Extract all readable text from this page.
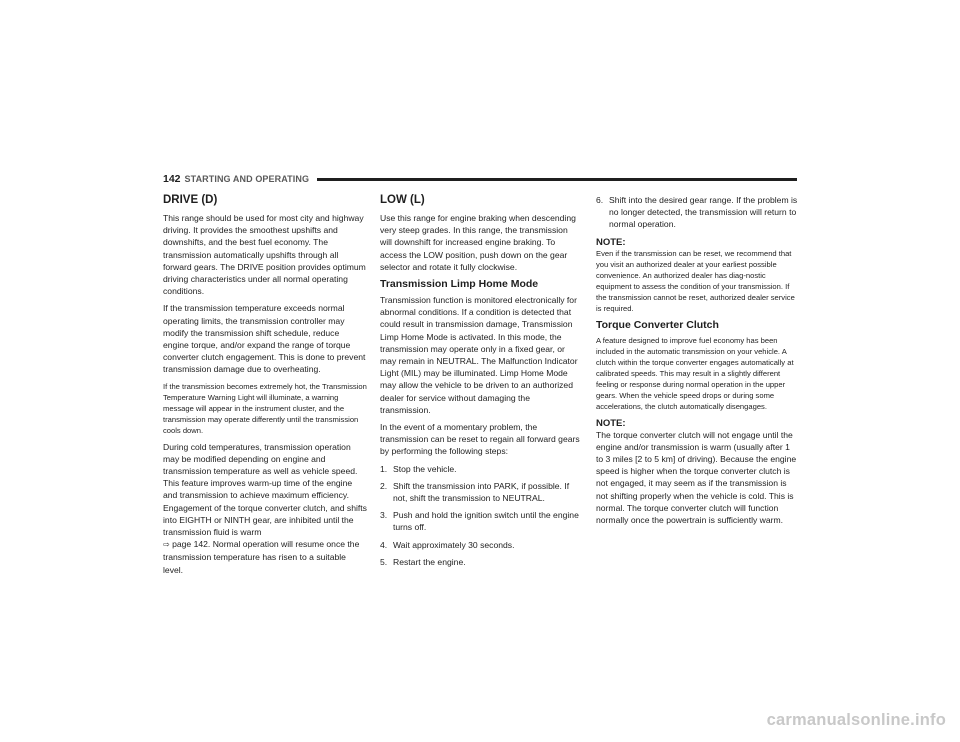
142 STARTING AND OPERATING
DRIVE (D)

This range should be used for most city and highway driving. It provides the smoothest upshifts and downshifts, and the best fuel economy. The transmission automatically upshifts through all forward gears. The DRIVE position provides optimum driving characteristics under all normal operating conditions.

If the transmission temperature exceeds normal operating limits, the transmission controller may modify the transmission shift schedule, reduce engine torque, and/or expand the range of torque converter clutch engagement. This is done to prevent transmission damage due to overheating.

If the transmission becomes extremely hot, the Transmission Temperature Warning Light will illuminate, a warning message will appear in the instrument cluster, and the transmission may operate differently until the transmission cools down.

During cold temperatures, transmission operation may be modified depending on engine and transmission temperature as well as vehicle speed. This feature improves warm-up time of the engine and transmission to achieve maximum efficiency. Engagement of the torque converter clutch, and shifts into EIGHTH or NINTH gear, are inhibited until the transmission fluid is warm
⇨ page 142. Normal operation will resume once the transmission temperature has risen to a suitable level.

LOW (L)

Use this range for engine braking when descending very steep grades. In this range, the transmission will downshift for increased engine braking. To access the LOW position, push down on the gear selector and rotate it fully clockwise.

Transmission Limp Home Mode

Transmission function is monitored electronically for abnormal conditions. If a condition is detected that could result in transmission damage, Transmission Limp Home Mode is activated. In this mode, the transmission may operate only in a fixed gear, or may remain in NEUTRAL. The Malfunction Indicator Light (MIL) may be illuminated. Limp Home Mode may allow the vehicle to be driven to an authorized dealer for service without damaging the transmission.

In the event of a momentary problem, the transmission can be reset to regain all forward gears by performing the following steps:

1. Stop the vehicle.
2. Shift the transmission into PARK, if possible. If not, shift the transmission to NEUTRAL.
3. Push and hold the ignition switch until the engine turns off.
4. Wait approximately 30 seconds.
5. Restart the engine.
6. Shift into the desired gear range. If the problem is no longer detected, the transmission will return to normal operation.
NOTE:

Even if the transmission can be reset, we recommend that you visit an authorized dealer at your earliest possible convenience. An authorized dealer has diag-nostic equipment to assess the condition of your transmission. If the transmission cannot be reset, authorized dealer service is required.

Torque Converter Clutch

A feature designed to improve fuel economy has been included in the automatic transmission on your vehicle. A clutch within the torque converter engages automatically at calibrated speeds. This may result in a slightly different feeling or response during normal operation in the upper gears. When the vehicle speed drops or during some accelerations, the clutch automatically disengages.

NOTE:

The torque converter clutch will not engage until the engine and/or transmission is warm (usually after 1 to 3 miles [2 to 5 km] of driving). Because the engine speed is higher when the torque converter clutch is not engaged, it may seem as if the transmission is not shifting properly when the vehicle is cold. This is normal. The torque converter clutch will function normally once the powertrain is sufficiently warm.

carmanualsonline.info
